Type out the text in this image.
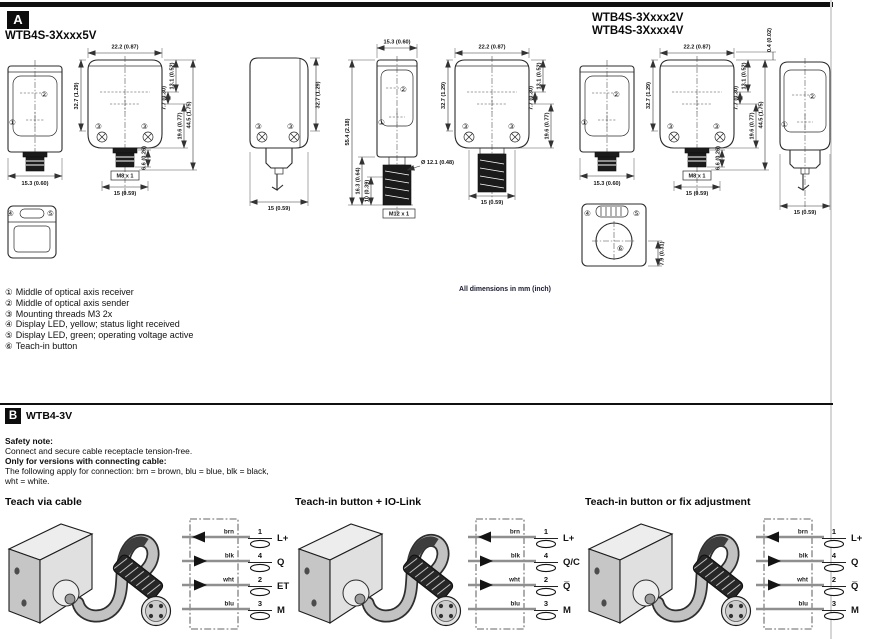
A
WTB4S-3Xxxx5V
WTB4S-3Xxxx2V
WTB4S-3Xxxx4V
②
①
15.3 (0.60)
22.2 (0.87)
③	③
32.7 (1.29)	7.7 (0.30)
13.1 (0.52)
19.6 (0.77) 44.5 (1.75)
6.6 (0.26)
M8 x 1
15 (0.59)
③	③
32.7 (1.29)
15 (0.59)
15.3 (0.60)
②
①
55.4 (2.18)
16.3 (0.64) 10 (0.39)
Ø 12.1 (0.48)
M12 x 1
22.2 (0.87)
③	③
32.7 (1.29)	7.7 (0.30)
13.1 (0.52)
19.6 (0.77)
15 (0.59)
②
①
15.3 (0.60)
22.2 (0.87)
③	③
32.7 (1.29)	7.7 (0.30)
13.1 (0.52)
19.6 (0.77) 44.5 (1.75)
0.4 (0.02)
6.6 (0.26)
M8 x 1
15 (0.59)
②
①
15 (0.59)
④	⑤	④	⑤
⑥	7.9 (0.31)
① Middle of optical axis receiver
② Middle of optical axis sender
③ Mounting threads M3 2x
④ Display LED, yellow; status light received
⑤ Display LED, green; operating voltage active
⑥ Teach-in button
All dimensions in mm (inch)
B WTB4-3V
Safety note:
Connect and secure cable receptacle tension-free.
Only for versions with connecting cable:
The following apply for connection: brn = brown, blu = blue, blk = black,
wht = white.
Teach via cable	Teach-in button + IO-Link	Teach-in button or fix adjustment
brn	1
L+
blk	4
Q
wht	2
ET
blu	3
M
brn	1
L+
blk	4
Q/C
wht	2
Q̅
blu	3
M
brn	1
L+
blk	4
Q
wht	2
Q̅
blu	3
M
